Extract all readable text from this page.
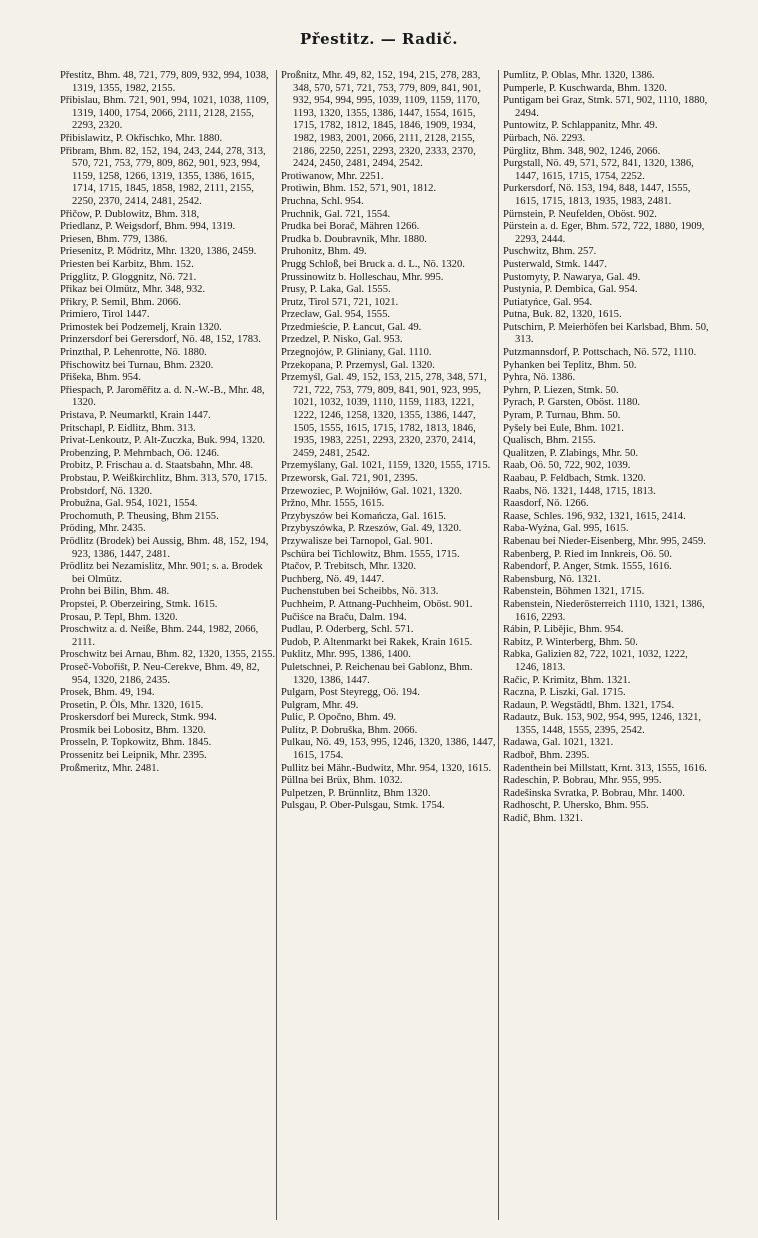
Přestitz. — Radič.

Přestitz, Bhm. 48, 721, 779, 809, 932, 994, 1038, 1319, 1355, 1982, 2155.

Přibislau, Bhm. 721, 901, 994, 1021, 1038, 1109, 1319, 1400, 1754, 2066, 2111, 2128, 2155, 2293, 2320.

Přibislawitz, P. Okřischko, Mhr. 1880.

Přibram, Bhm. 82, 152, 194, 243, 244, 278, 313, 570, 721, 753, 779, 809, 862, 901, 923, 994, 1159, 1258, 1266, 1319, 1355, 1386, 1615, 1714, 1715, 1845, 1858, 1982, 2111, 2155, 2250, 2370, 2414, 2481, 2542.

Přičow, P. Dublowitz, Bhm. 318,

Priedlanz, P. Weigsdorf, Bhm. 994, 1319.

Priesen, Bhm. 779, 1386.

Priesenitz, P. Mödritz, Mhr. 1320, 1386, 2459.

Priesten bei Karbitz, Bhm. 152.

Prigglitz, P. Gloggnitz, Nö. 721.

Přikaz bei Olmütz, Mhr. 348, 932.

Přikry, P. Semil, Bhm. 2066.

Primiero, Tirol 1447.

Primostek bei Podzemelj, Krain 1320.

Prinzersdorf bei Gerersdorf, Nö. 48, 152, 1783.

Prinzthal, P. Lehenrotte, Nö. 1880.

Přischowitz bei Turnau, Bhm. 2320.

Přišeka, Bhm. 954.

Přiespach, P. Jaroměřitz a. d. N.-W.-B., Mhr. 48, 1320.

Pristava, P. Neumarktl, Krain 1447.

Pritschapl, P. Eidlitz, Bhm. 313.

Privat-Lenkoutz, P. Alt-Zuczka, Buk. 994, 1320.

Probenzing, P. Mehrnbach, Oö. 1246.

Probitz, P. Frischau a. d. Staatsbahn, Mhr. 48.

Probstau, P. Weißkirchlitz, Bhm. 313, 570, 1715.

Probstdorf, Nö. 1320.

Probužna, Gal. 954, 1021, 1554.

Prochomuth, P. Theusing, Bhm 2155.

Pröding, Mhr. 2435.

Prödlitz (Brodek) bei Aussig, Bhm. 48, 152, 194, 923, 1386, 1447, 2481.

Prödlitz bei Nezamislitz, Mhr. 901; s. a. Brodek bei Olmütz.

Prohn bei Bilin, Bhm. 48.

Propstei, P. Oberzeiring, Stmk. 1615.

Prosau, P. Tepl, Bhm. 1320.

Proschwitz a. d. Neiße, Bhm. 244, 1982, 2066, 2111.

Proschwitz bei Arnau, Bhm. 82, 1320, 1355, 2155.

Proseč-Vobořišt, P. Neu-Cerekve, Bhm. 49, 82, 954, 1320, 2186, 2435.

Prosek, Bhm. 49, 194.

Prosetin, P. Öls, Mhr. 1320, 1615.

Proskersdorf bei Mureck, Stmk. 994.

Prosmik bei Lobositz, Bhm. 1320.

Prosseln, P. Topkowitz, Bhm. 1845.

Prossenitz bei Leipnik, Mhr. 2395.

Proßmeritz, Mhr. 2481.

Proßnitz, Mhr. 49, 82, 152, 194, 215, 278, 283, 348, 570, 571, 721, 753, 779, 809, 841, 901, 932, 954, 994, 995, 1039, 1109, 1159, 1170, 1193, 1320, 1355, 1386, 1447, 1554, 1615, 1715, 1782, 1812, 1845, 1846, 1909, 1934, 1982, 1983, 2001, 2066, 2111, 2128, 2155, 2186, 2250, 2251, 2293, 2320, 2333, 2370, 2424, 2450, 2481, 2494, 2542.

Protiwanow, Mhr. 2251.

Protiwin, Bhm. 152, 571, 901, 1812.

Pruchna, Schl. 954.

Pruchnik, Gal. 721, 1554.

Prudka bei Borač, Mähren 1266.

Prudka b. Doubravnik, Mhr. 1880.

Pruhonitz, Bhm. 49.

Prugg Schloß, bei Bruck a. d. L., Nö. 1320.

Prussinowitz b. Holleschau, Mhr. 995.

Prusy, P. Laka, Gal. 1555.

Prutz, Tirol 571, 721, 1021.

Przecław, Gal. 954, 1555.

Przedmieście, P. Łancut, Gal. 49.

Przedzel, P. Nisko, Gal. 953.

Przegnojów, P. Gliniany, Gal. 1110.

Przekopana, P. Przemysl, Gal. 1320.

Przemyśl, Gal. 49, 152, 153, 215, 278, 348, 571, 721, 722, 753, 779, 809, 841, 901, 923, 995, 1021, 1032, 1039, 1110, 1159, 1183, 1221, 1222, 1246, 1258, 1320, 1355, 1386, 1447, 1505, 1555, 1615, 1715, 1782, 1813, 1846, 1935, 1983, 2251, 2293, 2320, 2370, 2414, 2459, 2481, 2542.

Przemyślany, Gal. 1021, 1159, 1320, 1555, 1715.

Przeworsk, Gal. 721, 901, 2395.

Przewoziec, P. Wojniłów, Gal. 1021, 1320.

Pržno, Mhr. 1555, 1615.

Przybyszów bei Komańcza, Gal. 1615.

Przybyszówka, P. Rzeszów, Gal. 49, 1320.

Przywalisze bei Tarnopol, Gal. 901.

Pschüra bei Tichlowitz, Bhm. 1555, 1715.

Ptačov, P. Trebitsch, Mhr. 1320.

Puchberg, Nö. 49, 1447.

Puchenstuben bei Scheibbs, Nö. 313.

Puchheim, P. Attnang-Puchheim, Oböst. 901.

Pučiśce na Braču, Dalm. 194.

Pudlau, P. Oderberg, Schl. 571.

Pudob, P. Altenmarkt bei Rakek, Krain 1615.

Puklitz, Mhr. 995, 1386, 1400.

Puletschnei, P. Reichenau bei Gablonz, Bhm. 1320, 1386, 1447.

Pulgarn, Post Steyregg, Oö. 194.

Pulgram, Mhr. 49.

Pulic, P. Opočno, Bhm. 49.

Pulitz, P. Dobruška, Bhm. 2066.

Pulkau, Nö. 49, 153, 995, 1246, 1320, 1386, 1447, 1615, 1754.

Pullitz bei Mähr.-Budwitz, Mhr. 954, 1320, 1615.

Püllna bei Brüx, Bhm. 1032.

Pulpetzen, P. Brünnlitz, Bhm 1320.

Pulsgau, P. Ober-Pulsgau, Stmk. 1754.

Pumlitz, P. Oblas, Mhr. 1320, 1386.

Pumperle, P. Kuschwarda, Bhm. 1320.

Puntigam bei Graz, Stmk. 571, 902, 1110, 1880, 2494.

Puntowitz, P. Schlappanitz, Mhr. 49.

Pürbach, Nö. 2293.

Pürglitz, Bhm. 348, 902, 1246, 2066.

Purgstall, Nö. 49, 571, 572, 841, 1320, 1386, 1447, 1615, 1715, 1754, 2252.

Purkersdorf, Nö. 153, 194, 848, 1447, 1555, 1615, 1715, 1813, 1935, 1983, 2481.

Pürnstein, P. Neufelden, Oböst. 902.

Pürstein a. d. Eger, Bhm. 572, 722, 1880, 1909, 2293, 2444.

Puschwitz, Bhm. 257.

Pusterwald, Stmk. 1447.

Pustomyty, P. Nawarya, Gal. 49.

Pustynia, P. Dembica, Gal. 954.

Putiatyńce, Gal. 954.

Putna, Buk. 82, 1320, 1615.

Putschirn, P. Meierhöfen bei Karlsbad, Bhm. 50, 313.

Putzmannsdorf, P. Pottschach, Nö. 572, 1110.

Pyhanken bei Teplitz, Bhm. 50.

Pyhra, Nö. 1386.

Pyhrn, P. Liezen, Stmk. 50.

Pyrach, P. Garsten, Oböst. 1180.

Pyram, P. Turnau, Bhm. 50.

Pyšely bei Eule, Bhm. 1021.

Qualisch, Bhm. 2155.

Qualitzen, P. Zlabings, Mhr. 50.

Raab, Oö. 50, 722, 902, 1039.

Raabau, P. Feldbach, Stmk. 1320.

Raabs, Nö. 1321, 1448, 1715, 1813.

Raasdorf, Nö. 1266.

Raase, Schles. 196, 932, 1321, 1615, 2414.

Raba-Wyżna, Gal. 995, 1615.

Rabenau bei Nieder-Eisenberg, Mhr. 995, 2459.

Rabenberg, P. Ried im Innkreis, Oö. 50.

Rabendorf, P. Anger, Stmk. 1555, 1616.

Rabensburg, Nö. 1321.

Rabenstein, Böhmen 1321, 1715.

Rabenstein, Niederösterreich 1110, 1321, 1386, 1616, 2293.

Rábin, P. Libějic, Bhm. 954.

Rabitz, P. Winterberg, Bhm. 50.

Rabka, Galizien 82, 722, 1021, 1032, 1222, 1246, 1813.

Račic, P. Krimitz, Bhm. 1321.

Raczna, P. Liszki, Gal. 1715.

Radaun, P. Wegstädtl, Bhm. 1321, 1754.

Radautz, Buk. 153, 902, 954, 995, 1246, 1321, 1355, 1448, 1555, 2395, 2542.

Radawa, Gal. 1021, 1321.

Radboř, Bhm. 2395.

Radenthein bei Millstatt, Krnt. 313, 1555, 1616.

Radeschin, P. Bobrau, Mhr. 955, 995.

Radešinska Svratka, P. Bobrau, Mhr. 1400.

Radhoscht, P. Uhersko, Bhm. 955.

Radič, Bhm. 1321.
